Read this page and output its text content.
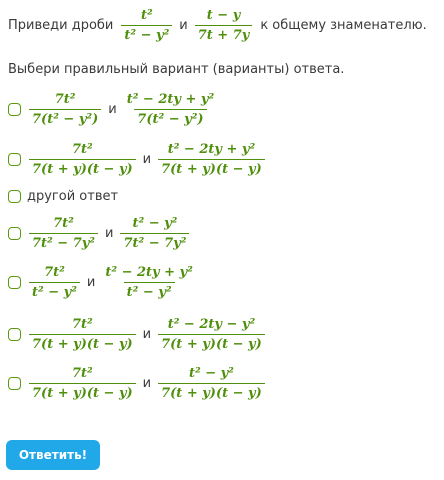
Приведи дроби $\frac{\text{t²}}{\text{t² − y²}}$ и $\frac{t - y}{7t + 7y}$ к общему знаменателю.
Выбери правильный вариант (варианты) ответа.
$\frac{\text{7t²}}{\text{7(t² − y²)}}$ и $\frac{\text{t² − 2ty + y²}}{\text{7(t² − y²)}}$
$\frac{\text{7t²}}{7(t + y)(t - y)}$ и $\frac{\text{t² − 2ty + y²}}{7(t + y)(t - y)}$
другой ответ
$\frac{\text{7t²}}{\text{7t² − 7y²}}$ и $\frac{\text{t² − y²}}{\text{7t² − 7y²}}$
$\frac{\text{7t²}}{\text{t² − y²}}$ и $\frac{\text{t² − 2ty + y²}}{\text{t² − y²}}$
$\frac{\text{7t²}}{7(t + y)(t - y)}$ и $\frac{\text{t² − 2ty − y²}}{7(t + y)(t - y)}$
$\frac{\text{7t²}}{7(t + y)(t - y)}$ и $\frac{\text{t² − y²}}{7(t + y)(t - y)}$
Ответить!
